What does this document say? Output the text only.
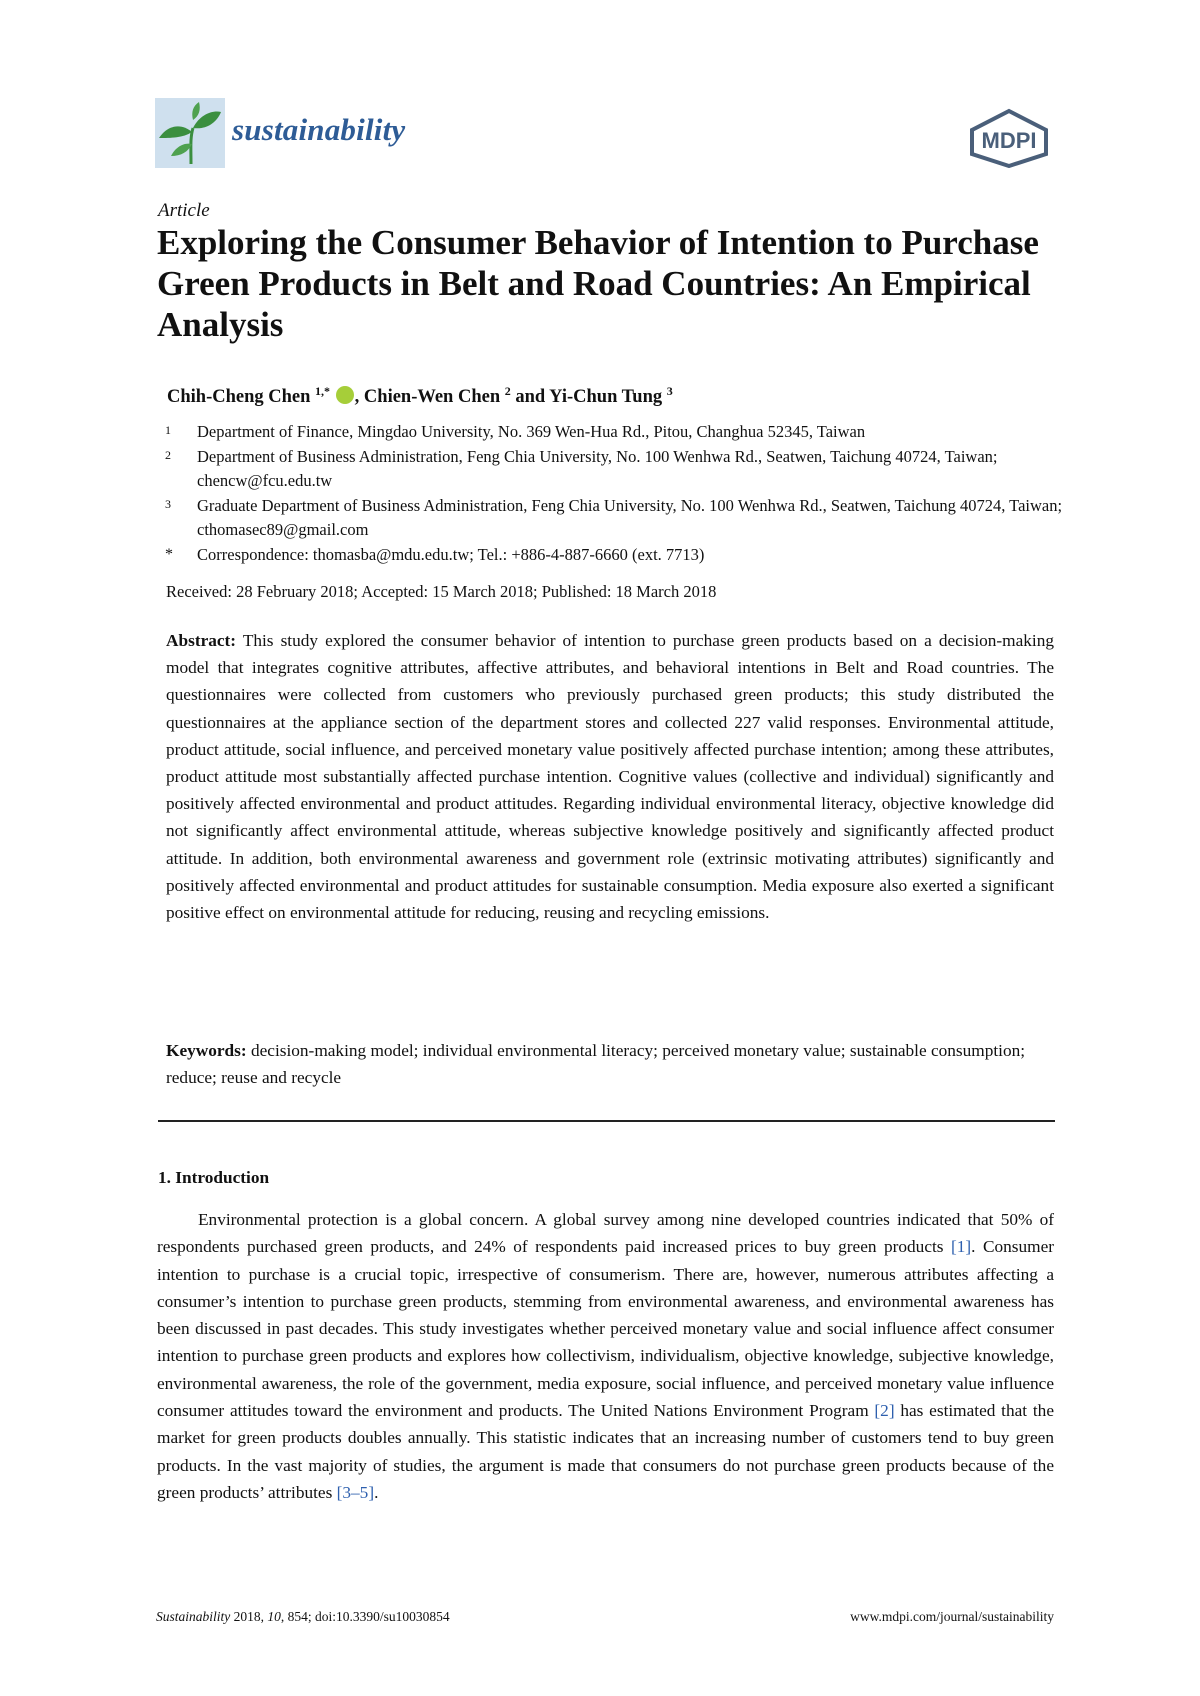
sustainability	MDPI
Article
Exploring the Consumer Behavior of Intention to Purchase Green Products in Belt and Road Countries: An Empirical Analysis
Chih-Cheng Chen $^{1,*}$ , Chien-Wen Chen $^2$ and Yi-Chun Tung $^3$
1	Department of Finance, Mingdao University, No. 369 Wen-Hua Rd., Pitou, Changhua 52345, Taiwan
2	Department of Business Administration, Feng Chia University, No. 100 Wenhwa Rd., Seatwen, Taichung 40724, Taiwan; chencw@fcu.edu.tw
3	Graduate Department of Business Administration, Feng Chia University, No. 100 Wenhwa Rd., Seatwen, Taichung 40724, Taiwan; cthomasec89@gmail.com
*	Correspondence: thomasba@mdu.edu.tw; Tel.: +886-4-887-6660 (ext. 7713)
Received: 28 February 2018; Accepted: 15 March 2018; Published: 18 March 2018
Abstract: This study explored the consumer behavior of intention to purchase green products based on a decision-making model that integrates cognitive attributes, affective attributes, and behavioral intentions in Belt and Road countries. The questionnaires were collected from customers who previously purchased green products; this study distributed the questionnaires at the appliance section of the department stores and collected 227 valid responses. Environmental attitude, product attitude, social influence, and perceived monetary value positively affected purchase intention; among these attributes, product attitude most substantially affected purchase intention. Cognitive values (collective and individual) significantly and positively affected environmental and product attitudes. Regarding individual environmental literacy, objective knowledge did not significantly affect environmental attitude, whereas subjective knowledge positively and significantly affected product attitude. In addition, both environmental awareness and government role (extrinsic motivating attributes) significantly and positively affected environmental and product attitudes for sustainable consumption. Media exposure also exerted a significant positive effect on environmental attitude for reducing, reusing and recycling emissions.
Keywords: decision-making model; individual environmental literacy; perceived monetary value; sustainable consumption; reduce; reuse and recycle
1. Introduction
Environmental protection is a global concern. A global survey among nine developed countries indicated that 50% of respondents purchased green products, and 24% of respondents paid increased prices to buy green products [1]. Consumer intention to purchase is a crucial topic, irrespective of consumerism. There are, however, numerous attributes affecting a consumer’s intention to purchase green products, stemming from environmental awareness, and environmental awareness has been discussed in past decades. This study investigates whether perceived monetary value and social influence affect consumer intention to purchase green products and explores how collectivism, individualism, objective knowledge, subjective knowledge, environmental awareness, the role of the government, media exposure, social influence, and perceived monetary value influence consumer attitudes toward the environment and products. The United Nations Environment Program [2] has estimated that the market for green products doubles annually. This statistic indicates that an increasing number of customers tend to buy green products. In the vast majority of studies, the argument is made that consumers do not purchase green products because of the green products’ attributes [3–5].
Sustainability 2018, 10, 854; doi:10.3390/su10030854	www.mdpi.com/journal/sustainability
